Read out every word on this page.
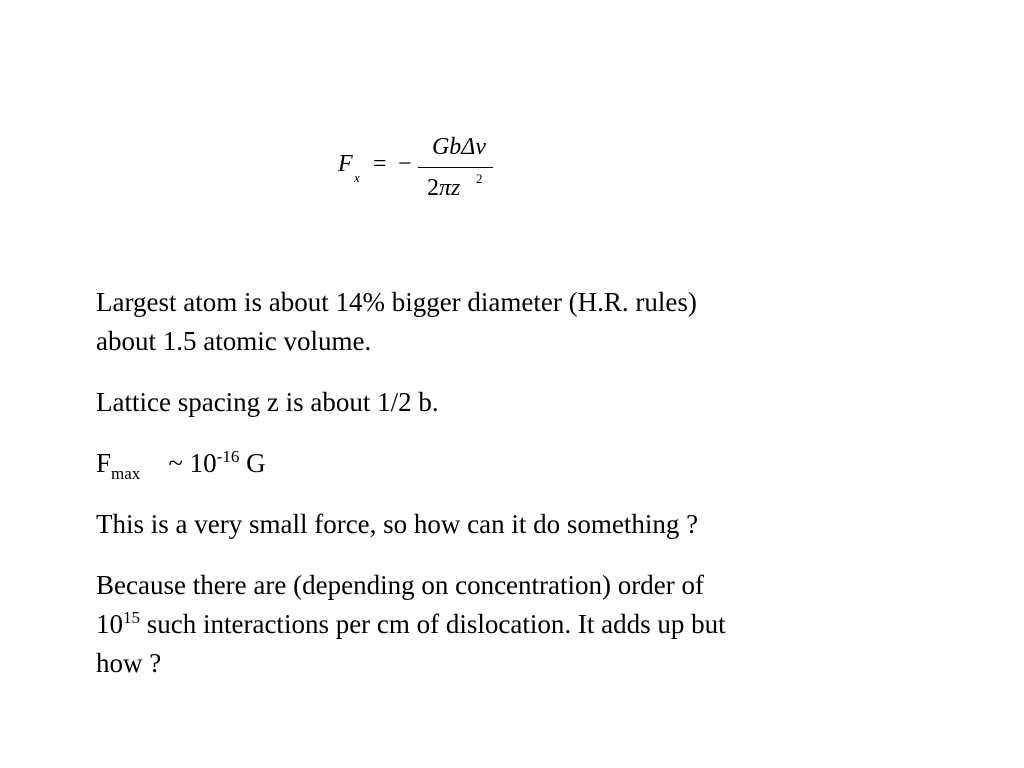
F
x
= −
GbΔv
2πz 2

Largest atom is about 14% bigger diameter (H.R. rules)
about 1.5 atomic volume.

Lattice spacing z is about 1/2 b.

$F_{max}$ ~ $10^{-16}$ G

This is a very small force, so how can it do something ?

Because there are (depending on concentration) order of
$10^{15}$ such interactions per cm of dislocation. It adds up but
how ?
